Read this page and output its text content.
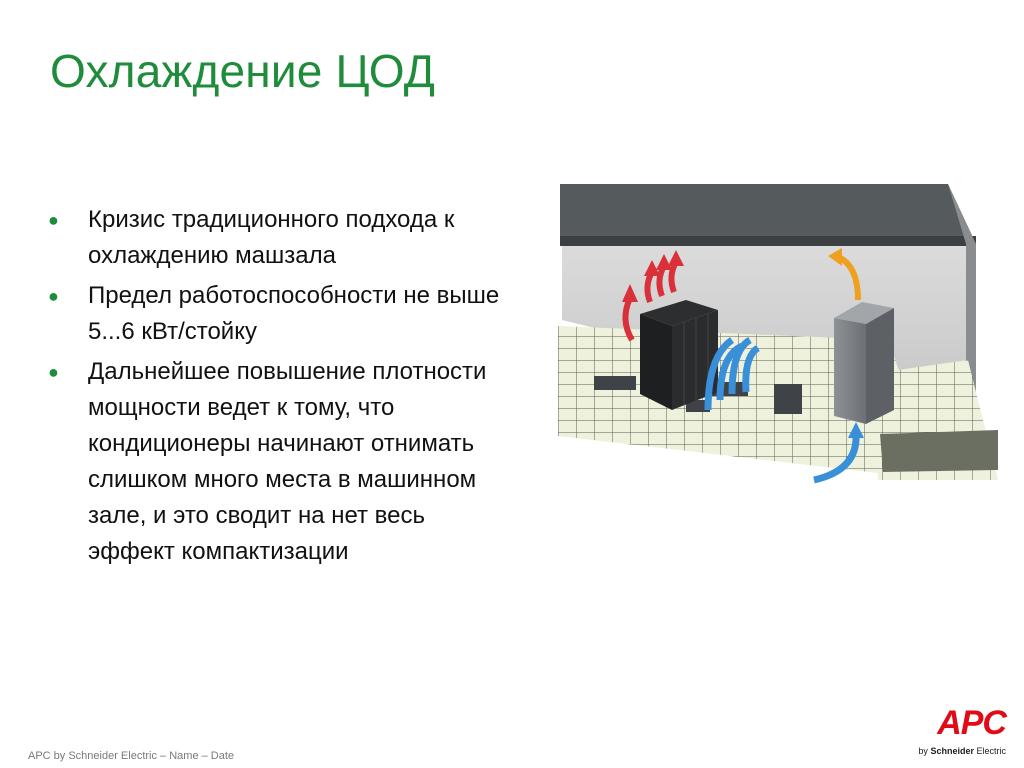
Охлаждение ЦОД
● Кризис традиционного подхода к охлаждению машзала
● Предел работоспособности не выше 5...6 кВт/стойку
● Дальнейшее повышение плотности мощности ведет к тому, что кондиционеры начинают отнимать слишком много места в машинном зале, и это сводит на нет весь эффект компактизации
APC by Schneider Electric – Name – Date
APC
by Schneider Electric
